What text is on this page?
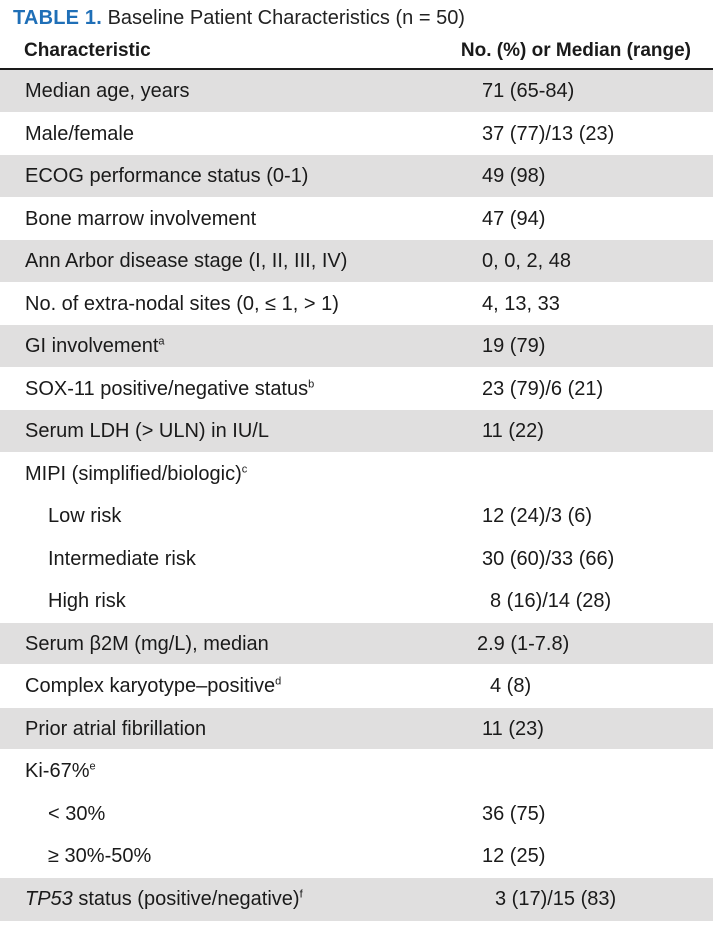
TABLE 1. Baseline Patient Characteristics (n = 50)
Characteristic	No. (%) or Median (range)
Median age, years	71 (65-84)
Male/female	37 (77)/13 (23)
ECOG performance status (0-1)	49 (98)
Bone marrow involvement	47 (94)
Ann Arbor disease stage (I, II, III, IV)	0, 0, 2, 48
No. of extra-nodal sites (0, ≤ 1, > 1)	4, 13, 33
GI involvement$^a$	19 (79)
SOX-11 positive/negative status$^b$	23 (79)/6 (21)
Serum LDH (> ULN) in IU/L	11 (22)
MIPI (simplified/biologic)$^c$
Low risk	12 (24)/3 (6)
Intermediate risk	30 (60)/33 (66)
High risk	8 (16)/14 (28)
Serum β2M (mg/L), median	2.9 (1-7.8)
Complex karyotype–positive$^d$	4 (8)
Prior atrial fibrillation	11 (23)
Ki-67%$^e$
< 30%	36 (75)
≥ 30%-50%	12 (25)
TP53 status (positive/negative)$^f$	3 (17)/15 (83)
